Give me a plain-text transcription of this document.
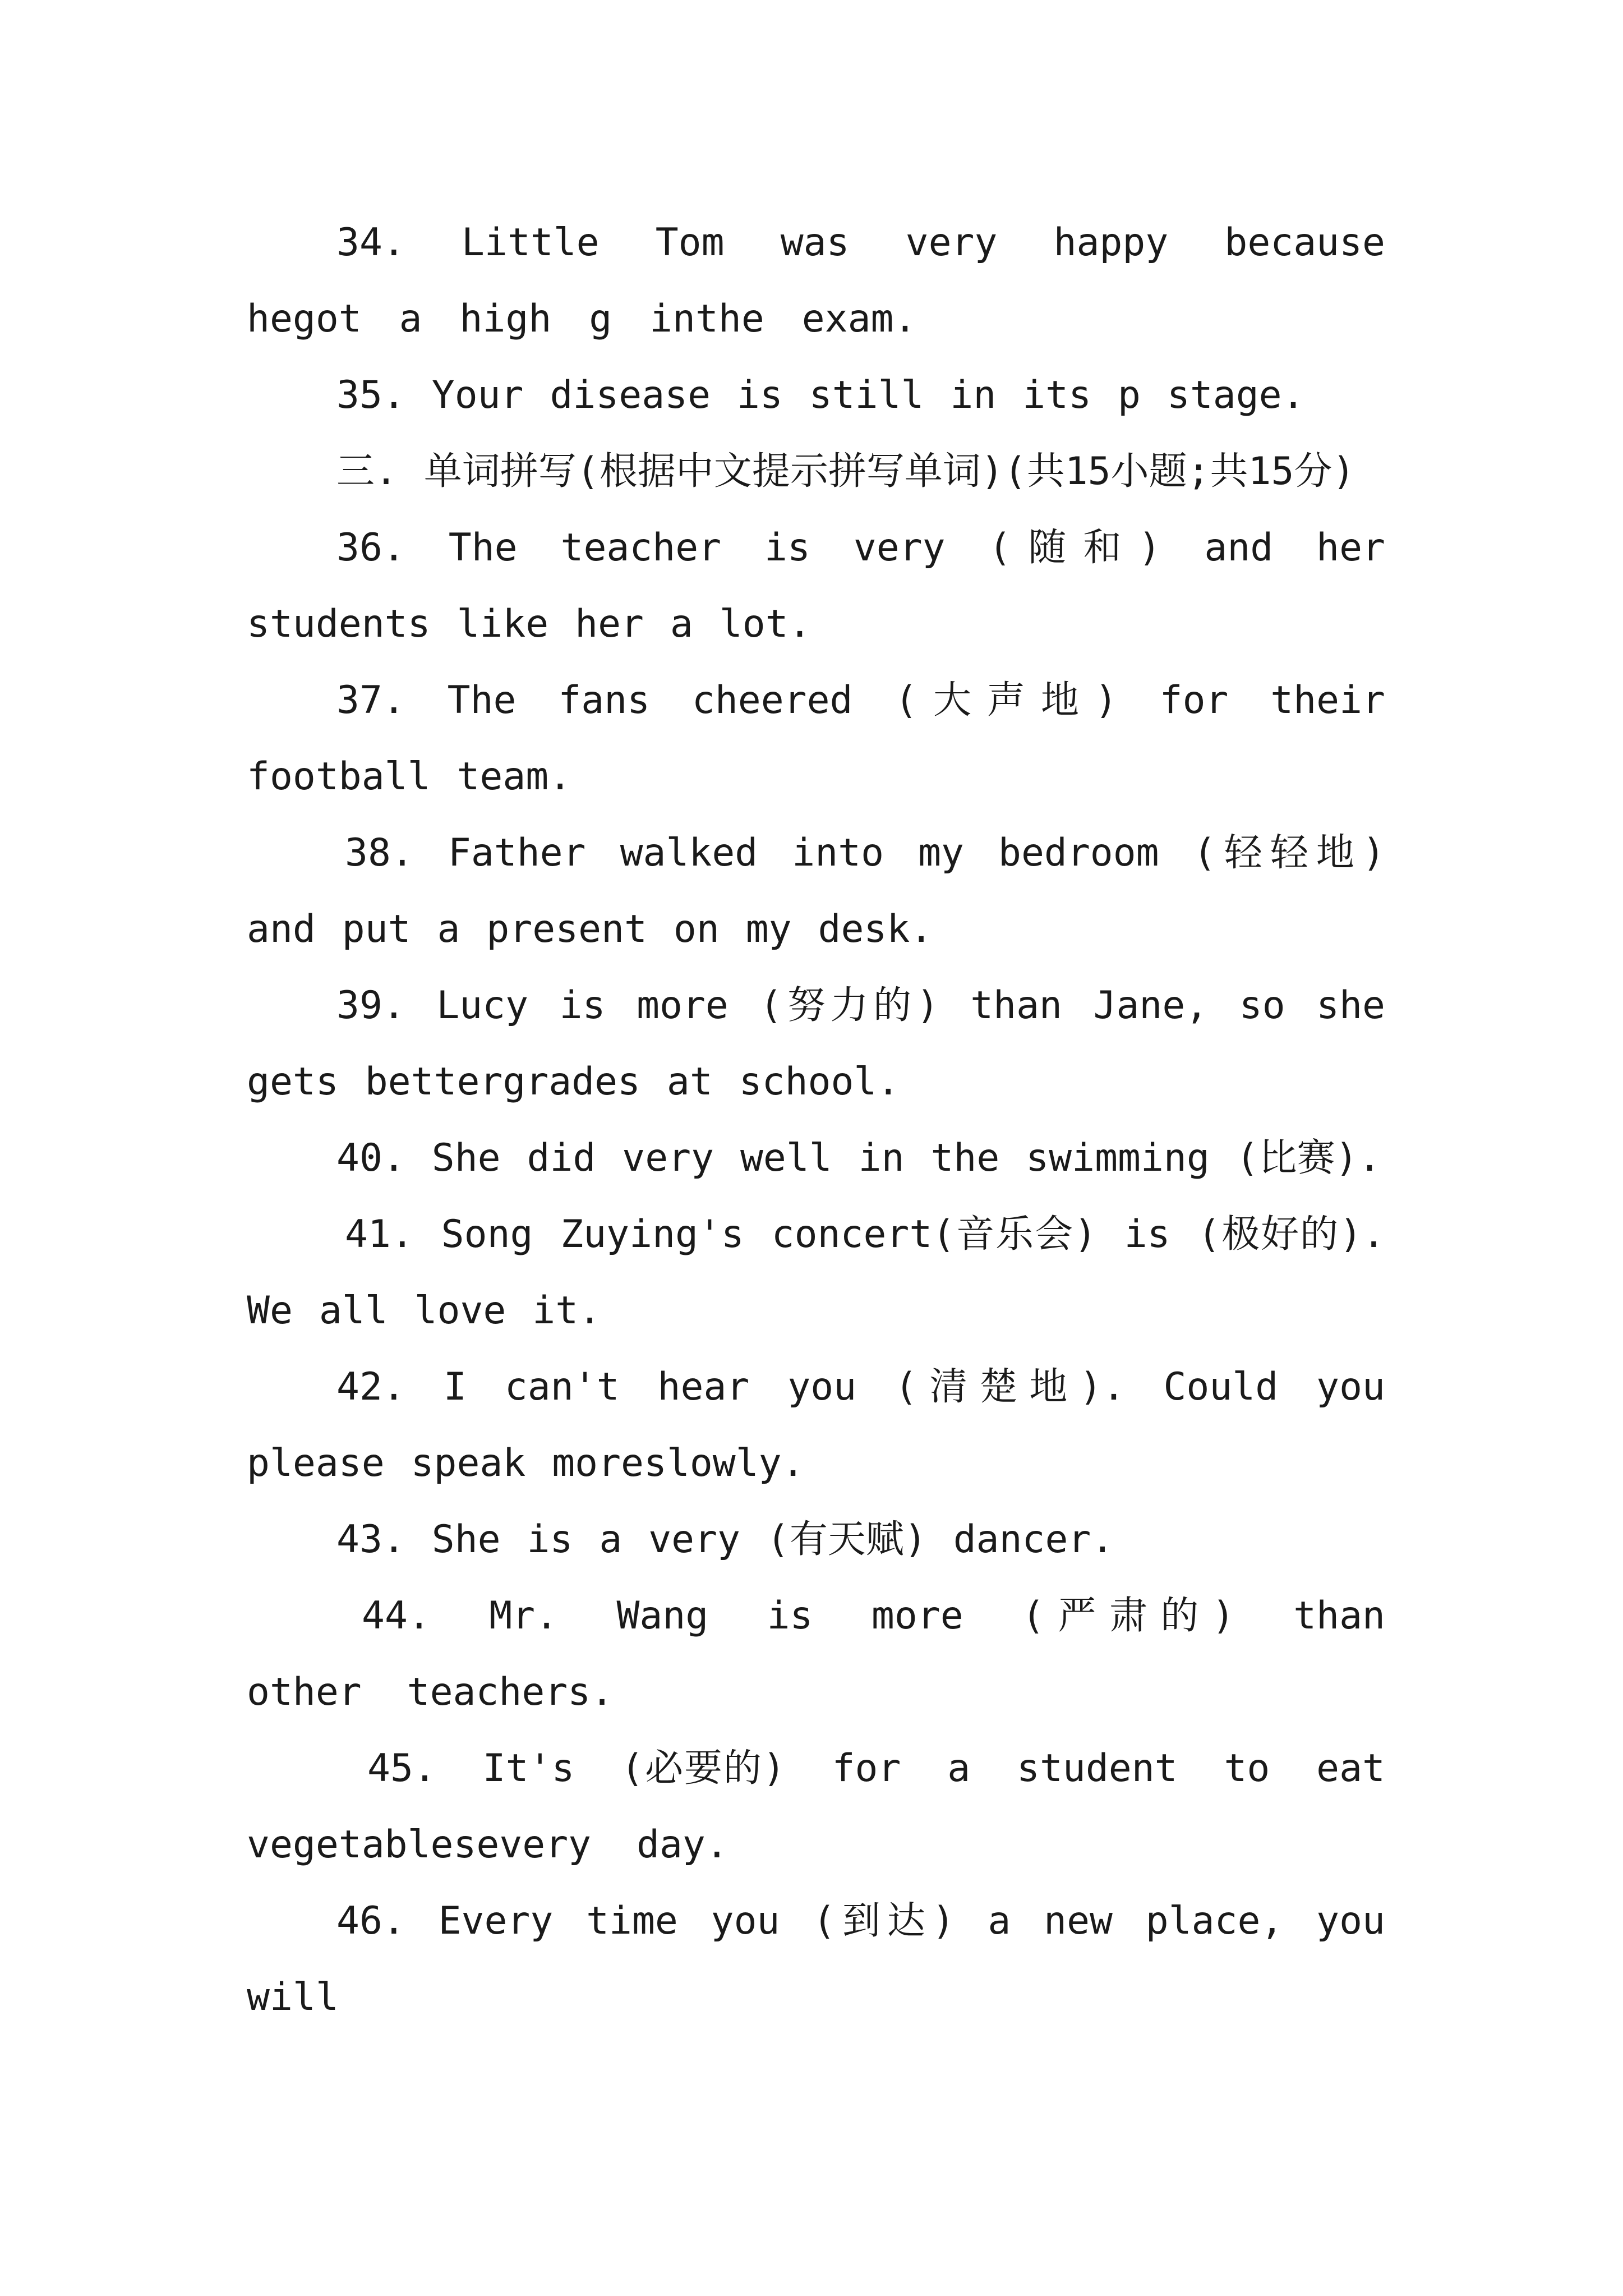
34. Little Tom was very happy because hegot a high g inthe exam.

35. Your disease is still in its p stage.

三. 单词拼写(根据中文提示拼写单词)(共15小题;共15分)

36. The teacher is very (随和) and her students like her a lot.

37. The fans cheered (大声地) for their football team.

38. Father walked into my bedroom (轻轻地) and put a present on my desk.

39. Lucy is more (努力的) than Jane, so she gets bettergrades at school.

40. She did very well in the swimming (比赛).

41. Song Zuying's concert(音乐会) is (极好的). We all love it.

42. I can't hear you (清楚地). Could you please speak moreslowly.

43. She is a very (有天赋) dancer.

44. Mr. Wang is more (严肃的) than other teachers.

45. It's (必要的) for a student to eat vegetablesevery day.

46. Every time you (到达) a new place, you will
